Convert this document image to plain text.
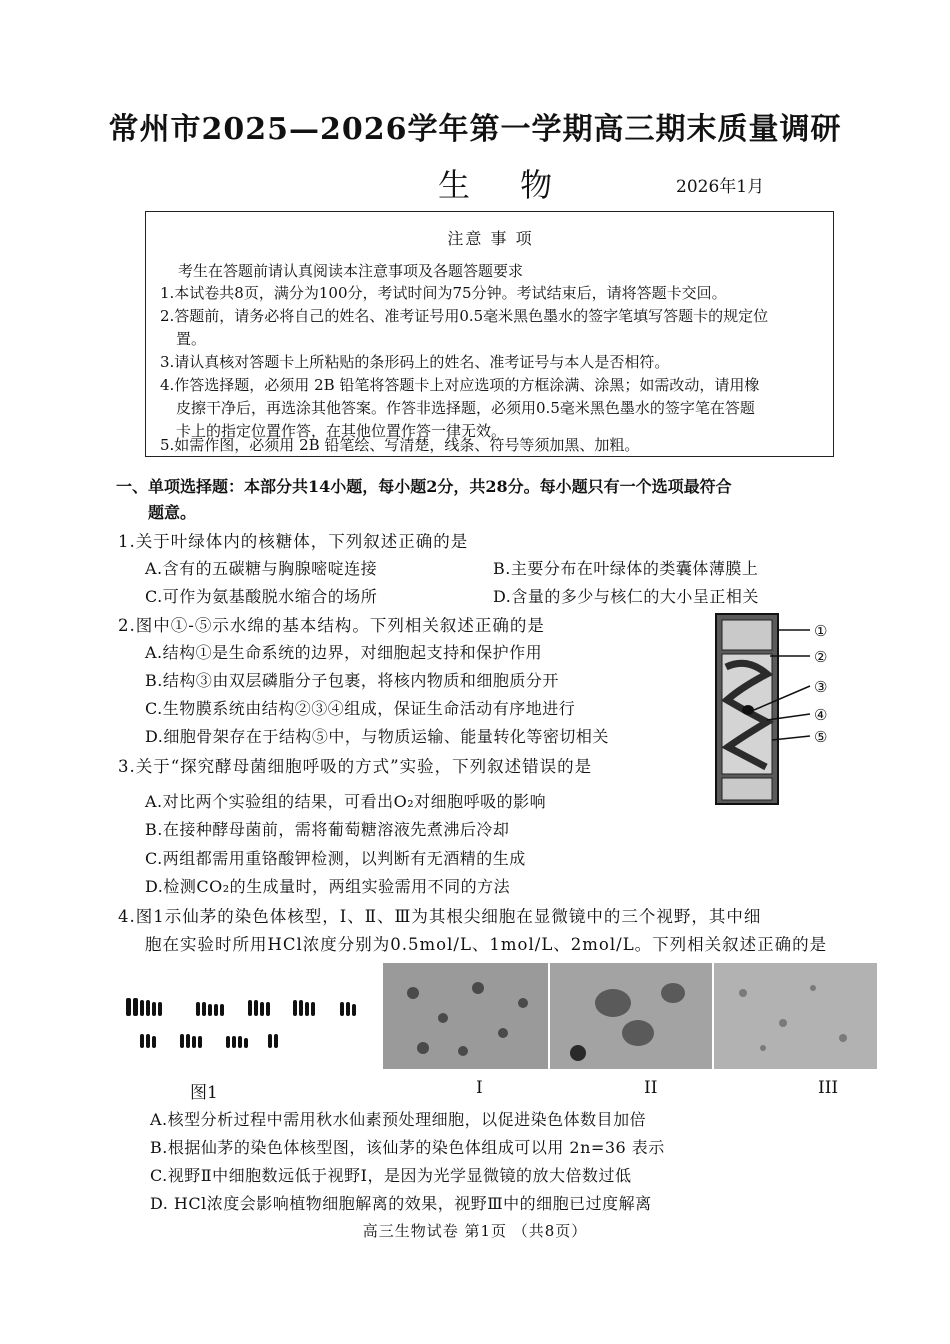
常州市2025—2026学年第一学期高三期末质量调研
生 物	2026年1月
注意 事 项
考生在答题前请认真阅读本注意事项及各题答题要求
1.本试卷共8页，满分为100分，考试时间为75分钟。考试结束后，请将答题卡交回。
2.答题前，请务必将自己的姓名、准考证号用0.5毫米黑色墨水的签字笔填写答题卡的规定位
置。
3.请认真核对答题卡上所粘贴的条形码上的姓名、准考证号与本人是否相符。
4.作答选择题，必须用 2B 铅笔将答题卡上对应选项的方框涂满、涂黑；如需改动，请用橡
皮擦干净后，再选涂其他答案。作答非选择题，必须用0.5毫米黑色墨水的签字笔在答题
卡上的指定位置作答，在其他位置作答一律无效。
5.如需作图，必须用 2B 铅笔绘、写清楚，线条、符号等须加黑、加粗。
一、单项选择题：本部分共14小题，每小题2分，共28分。每小题只有一个选项最符合
题意。
1.关于叶绿体内的核糖体，下列叙述正确的是
A.含有的五碳糖与胸腺嘧啶连接	B.主要分布在叶绿体的类囊体薄膜上
C.可作为氨基酸脱水缩合的场所	D.含量的多少与核仁的大小呈正相关
2.图中①-⑤示水绵的基本结构。下列相关叙述正确的是
A.结构①是生命系统的边界，对细胞起支持和保护作用
B.结构③由双层磷脂分子包裹，将核内物质和细胞质分开
C.生物膜系统由结构②③④组成，保证生命活动有序地进行
D.细胞骨架存在于结构⑤中，与物质运输、能量转化等密切相关
①
②
③
④
⑤
3.关于“探究酵母菌细胞呼吸的方式”实验，下列叙述错误的是
A.对比两个实验组的结果，可看出O₂对细胞呼吸的影响
B.在接种酵母菌前，需将葡萄糖溶液先煮沸后冷却
C.两组都需用重铬酸钾检测，以判断有无酒精的生成
D.检测CO₂的生成量时，两组实验需用不同的方法
4.图1示仙茅的染色体核型，Ⅰ、Ⅱ、Ⅲ为其根尖细胞在显微镜中的三个视野，其中细
胞在实验时所用HCl浓度分别为0.5mol/L、1mol/L、2mol/L。下列相关叙述正确的是
图1	I	II	III
A.核型分析过程中需用秋水仙素预处理细胞，以促进染色体数目加倍
B.根据仙茅的染色体核型图，该仙茅的染色体组成可以用 2n=36 表示
C.视野Ⅱ中细胞数远低于视野Ⅰ，是因为光学显微镜的放大倍数过低
D. HCl浓度会影响植物细胞解离的效果，视野Ⅲ中的细胞已过度解离
高三生物试卷 第1页 （共8页）
